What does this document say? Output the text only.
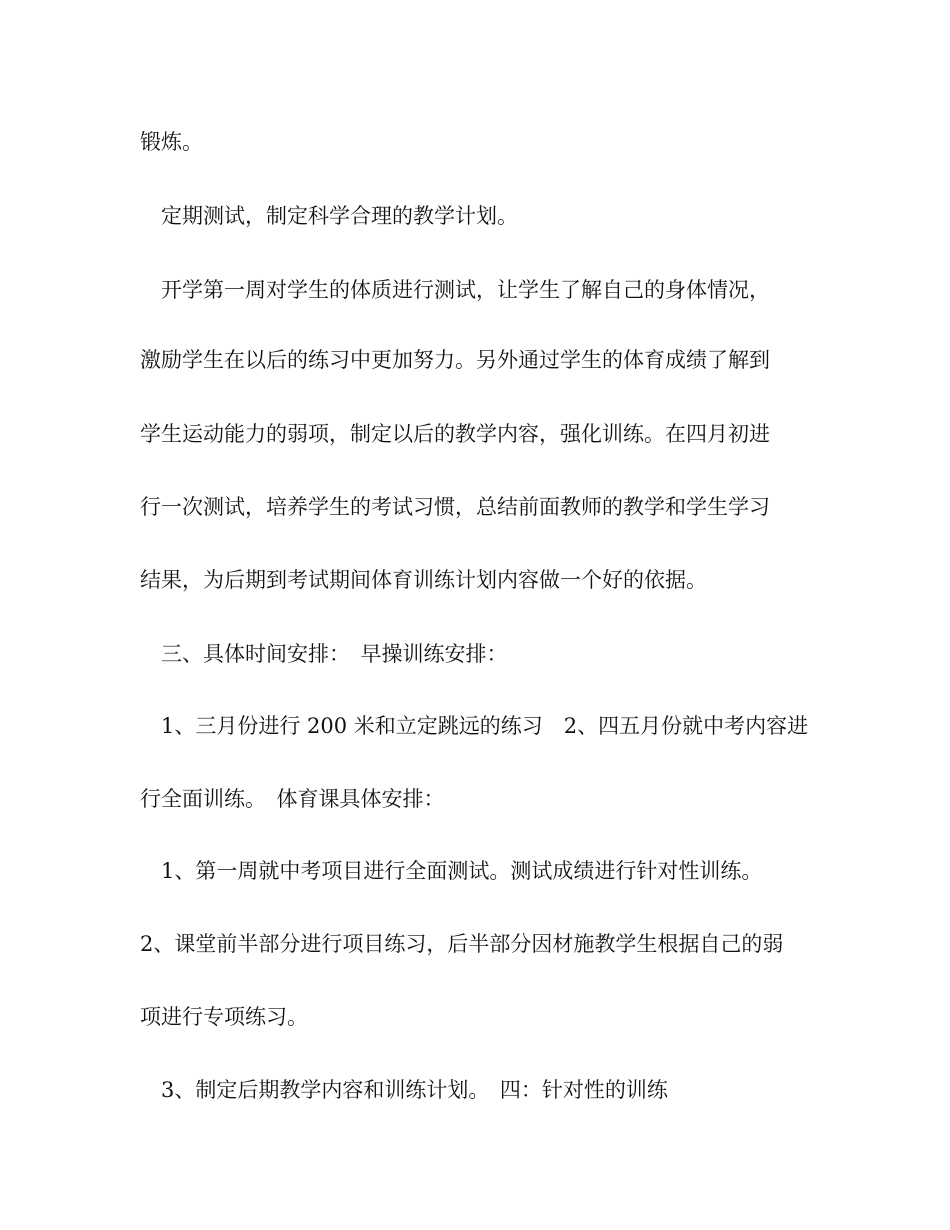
锻炼。
　定期测试，制定科学合理的教学计划。
　开学第一周对学生的体质进行测试，让学生了解自己的身体情况，
激励学生在以后的练习中更加努力。另外通过学生的体育成绩了解到
学生运动能力的弱项，制定以后的教学内容，强化训练。在四月初进
行一次测试，培养学生的考试习惯，总结前面教师的教学和学生学习
结果，为后期到考试期间体育训练计划内容做一个好的依据。
　三、具体时间安排：　早操训练安排：
　1、三月份进行 200 米和立定跳远的练习　2、四五月份就中考内容进
行全面训练。　体育课具体安排：
　1、第一周就中考项目进行全面测试。测试成绩进行针对性训练。
2、课堂前半部分进行项目练习，后半部分因材施教学生根据自己的弱
项进行专项练习。
　3、制定后期教学内容和训练计划。　四：针对性的训练
